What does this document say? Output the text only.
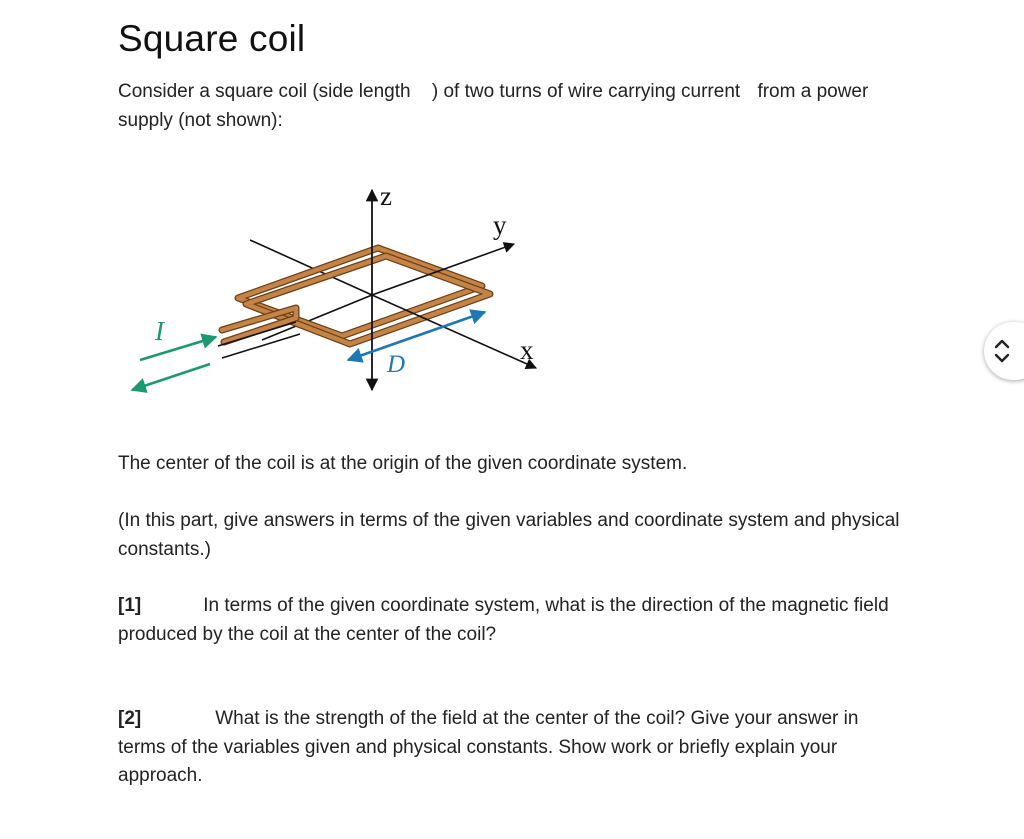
Square coil

Consider a square coil (side length ) of two turns of wire carrying current from a power supply (not shown):

z
y
x
I
D

The center of the coil is at the origin of the given coordinate system.

(In this part, give answers in terms of the given variables and coordinate system and physical constants.)

[1]	In terms of the given coordinate system, what is the direction of the magnetic field produced by the coil at the center of the coil?

[2]	What is the strength of the field at the center of the coil? Give your answer in terms of the variables given and physical constants. Show work or briefly explain your approach.
